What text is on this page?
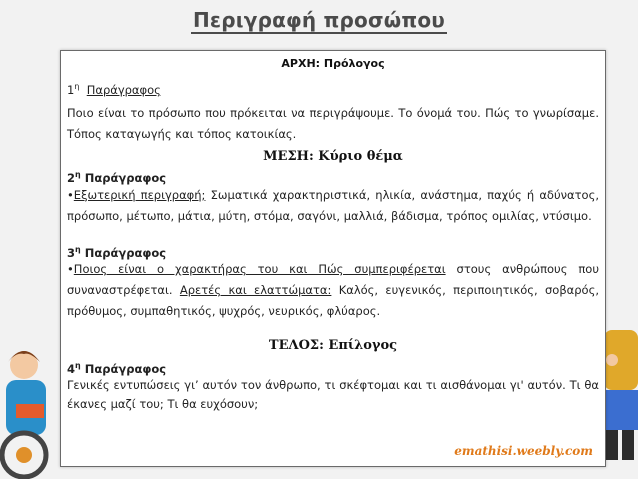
Περιγραφή προσώπου
ΑΡΧΗ: Πρόλογος

$1^\eta$ Παράγραφος

Ποιο είναι το πρόσωπο που πρόκειται να περιγράψουμε. Το όνομά του. Πώς το γνωρίσαμε. Τόπος καταγωγής και τόπος κατοικίας.

ΜΕΣΗ: Κύριο θέμα

$2^\eta$ Παράγραφος

•Εξωτερική περιγραφή; Σωματικά χαρακτηριστικά, ηλικία, ανάστημα, παχύς ή αδύνατος, πρόσωπο, μέτωπο, μάτια, μύτη, στόμα, σαγόνι, μαλλιά, βάδισμα, τρόπος ομιλίας, ντύσιμο.

$3^\eta$ Παράγραφος

•Ποιος είναι ο χαρακτήρας του και Πώς συμπεριφέρεται στους ανθρώπους που συναναστρέφεται. Αρετές και ελαττώματα: Καλός, ευγενικός, περιποιητικός, σοβαρός, πρόθυμος, συμπαθητικός, ψυχρός, νευρικός, φλύαρος.

ΤΕΛΟΣ: Επίλογος

$4^\eta$ Παράγραφος

Γενικές εντυπώσεις γι’ αυτόν τον άνθρωπο, τι σκέφτομαι και τι αισθάνομαι γι' αυτόν. Τι θα έκανες μαζί του; Τι θα ευχόσουν;

emathisi.weebly.com
